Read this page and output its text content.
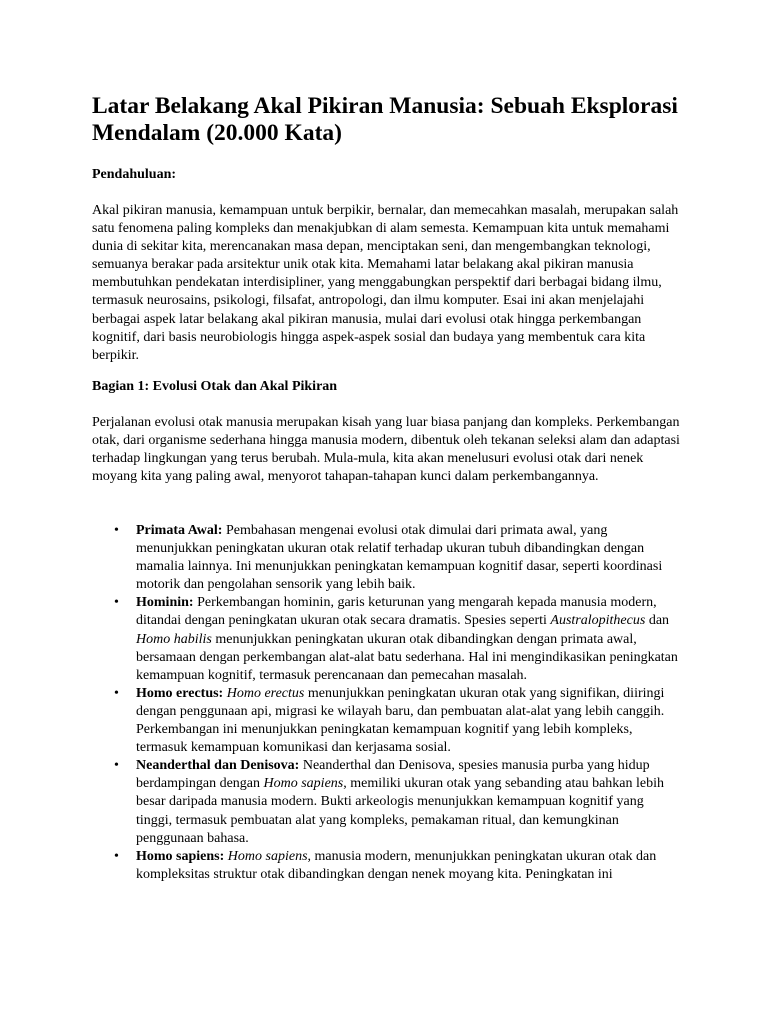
Latar Belakang Akal Pikiran Manusia: Sebuah Eksplorasi Mendalam (20.000 Kata)

Pendahuluan:

Akal pikiran manusia, kemampuan untuk berpikir, bernalar, dan memecahkan masalah, merupakan salah satu fenomena paling kompleks dan menakjubkan di alam semesta. Kemampuan kita untuk memahami dunia di sekitar kita, merencanakan masa depan, menciptakan seni, dan mengembangkan teknologi, semuanya berakar pada arsitektur unik otak kita. Memahami latar belakang akal pikiran manusia membutuhkan pendekatan interdisipliner, yang menggabungkan perspektif dari berbagai bidang ilmu, termasuk neurosains, psikologi, filsafat, antropologi, dan ilmu komputer. Esai ini akan menjelajahi berbagai aspek latar belakang akal pikiran manusia, mulai dari evolusi otak hingga perkembangan kognitif, dari basis neurobiologis hingga aspek-aspek sosial dan budaya yang membentuk cara kita berpikir.

Bagian 1: Evolusi Otak dan Akal Pikiran

Perjalanan evolusi otak manusia merupakan kisah yang luar biasa panjang dan kompleks. Perkembangan otak, dari organisme sederhana hingga manusia modern, dibentuk oleh tekanan seleksi alam dan adaptasi terhadap lingkungan yang terus berubah. Mula-mula, kita akan menelusuri evolusi otak dari nenek moyang kita yang paling awal, menyorot tahapan-tahapan kunci dalam perkembangannya.

• Primata Awal: Pembahasan mengenai evolusi otak dimulai dari primata awal, yang menunjukkan peningkatan ukuran otak relatif terhadap ukuran tubuh dibandingkan dengan mamalia lainnya. Ini menunjukkan peningkatan kemampuan kognitif dasar, seperti koordinasi motorik dan pengolahan sensorik yang lebih baik.
• Hominin: Perkembangan hominin, garis keturunan yang mengarah kepada manusia modern, ditandai dengan peningkatan ukuran otak secara dramatis. Spesies seperti Australopithecus dan Homo habilis menunjukkan peningkatan ukuran otak dibandingkan dengan primata awal, bersamaan dengan perkembangan alat-alat batu sederhana. Hal ini mengindikasikan peningkatan kemampuan kognitif, termasuk perencanaan dan pemecahan masalah.
• Homo erectus: Homo erectus menunjukkan peningkatan ukuran otak yang signifikan, diiringi dengan penggunaan api, migrasi ke wilayah baru, dan pembuatan alat-alat yang lebih canggih. Perkembangan ini menunjukkan peningkatan kemampuan kognitif yang lebih kompleks, termasuk kemampuan komunikasi dan kerjasama sosial.
• Neanderthal dan Denisova: Neanderthal dan Denisova, spesies manusia purba yang hidup berdampingan dengan Homo sapiens, memiliki ukuran otak yang sebanding atau bahkan lebih besar daripada manusia modern. Bukti arkeologis menunjukkan kemampuan kognitif yang tinggi, termasuk pembuatan alat yang kompleks, pemakaman ritual, dan kemungkinan penggunaan bahasa.
• Homo sapiens: Homo sapiens, manusia modern, menunjukkan peningkatan ukuran otak dan kompleksitas struktur otak dibandingkan dengan nenek moyang kita. Peningkatan ini
